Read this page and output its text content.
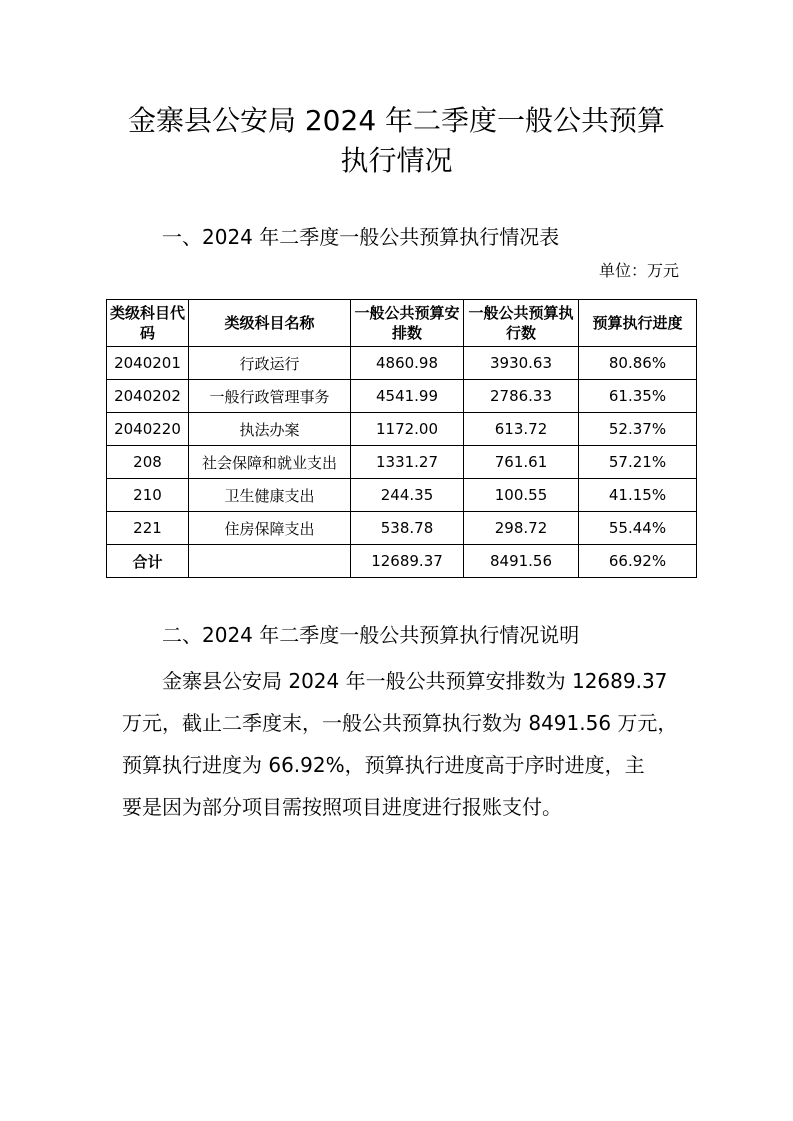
金寨县公安局 2024 年二季度一般公共预算
执行情况
一、2024 年二季度一般公共预算执行情况表
单位：万元
类级科目代码	类级科目名称	一般公共预算安排数	一般公共预算执行数	预算执行进度
2040201	行政运行	4860.98	3930.63	80.86%
2040202	一般行政管理事务	4541.99	2786.33	61.35%
2040220	执法办案	1172.00	613.72	52.37%
208	社会保障和就业支出	1331.27	761.61	57.21%
210	卫生健康支出	244.35	100.55	41.15%
221	住房保障支出	538.78	298.72	55.44%
合计		12689.37	8491.56	66.92%
二、2024 年二季度一般公共预算执行情况说明
金寨县公安局 2024 年一般公共预算安排数为 12689.37
万元，截止二季度末，一般公共预算执行数为 8491.56 万元，
预算执行进度为 66.92%，预算执行进度高于序时进度，主
要是因为部分项目需按照项目进度进行报账支付。
